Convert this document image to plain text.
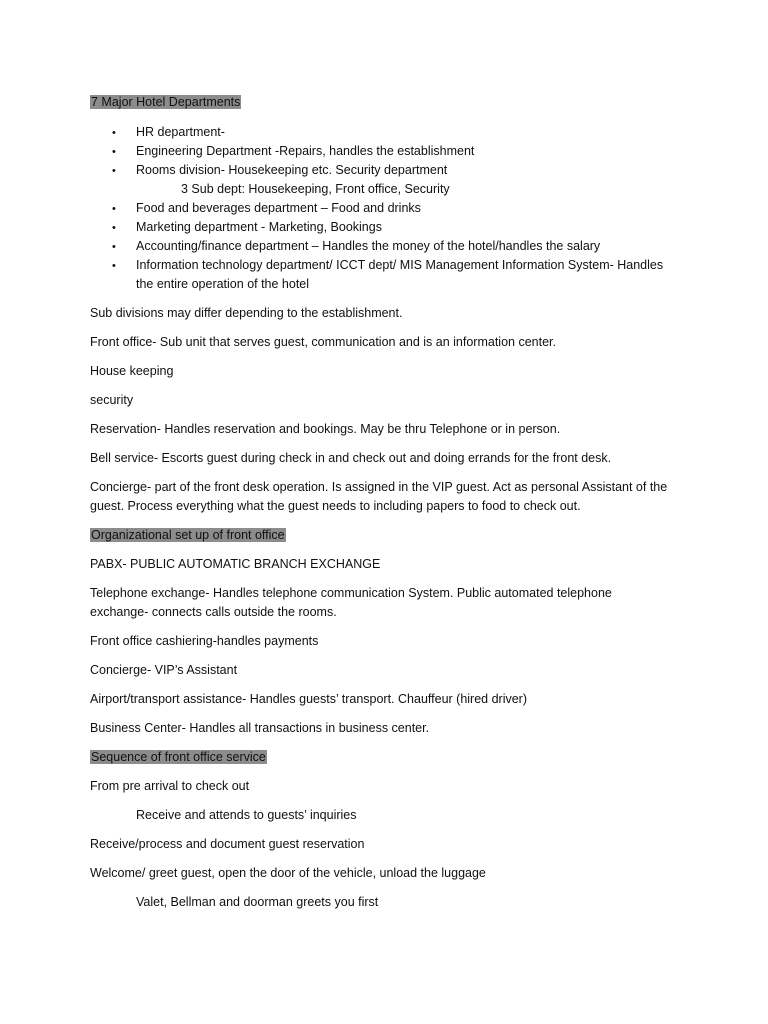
7 Major Hotel Departments
• HR department-
• Engineering Department -Repairs, handles the establishment
• Rooms division- Housekeeping etc. Security department
3 Sub dept: Housekeeping, Front office, Security
• Food and beverages department – Food and drinks
• Marketing department - Marketing, Bookings
• Accounting/finance department – Handles the money of the hotel/handles the salary
• Information technology department/ ICCT dept/ MIS Management Information System- Handles
the entire operation of the hotel
Sub divisions may differ depending to the establishment.
Front office- Sub unit that serves guest, communication and is an information center.
House keeping
security
Reservation- Handles reservation and bookings. May be thru Telephone or in person.
Bell service- Escorts guest during check in and check out and doing errands for the front desk.
Concierge- part of the front desk operation. Is assigned in the VIP guest. Act as personal Assistant of the
guest. Process everything what the guest needs to including papers to food to check out.
Organizational set up of front office
PABX- PUBLIC AUTOMATIC BRANCH EXCHANGE
Telephone exchange- Handles telephone communication System. Public automated telephone
exchange- connects calls outside the rooms.
Front office cashiering-handles payments
Concierge- VIP’s Assistant
Airport/transport assistance- Handles guests’ transport. Chauffeur (hired driver)
Business Center- Handles all transactions in business center.
Sequence of front office service
From pre arrival to check out
Receive and attends to guests’ inquiries
Receive/process and document guest reservation
Welcome/ greet guest, open the door of the vehicle, unload the luggage
Valet, Bellman and doorman greets you first
